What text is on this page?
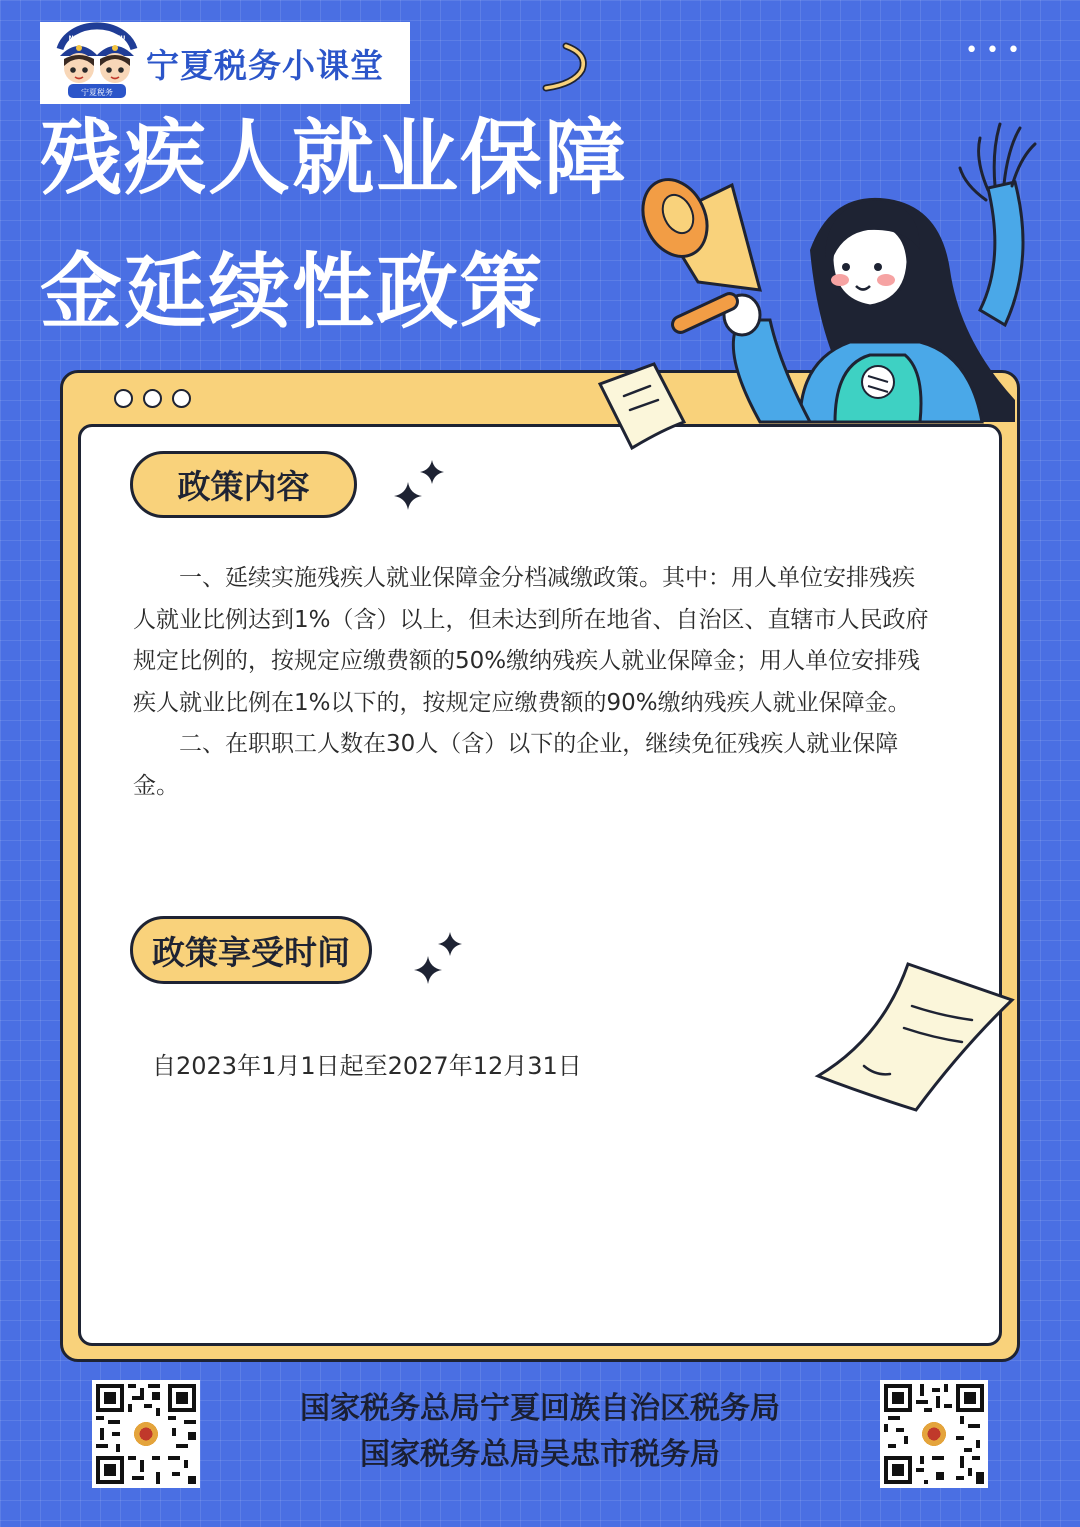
NINGXIASHUIWU
宁夏税务
宁夏税务小课堂
残疾人就业保障
金延续性政策
•••
政策内容

一、延续实施残疾人就业保障金分档减缴政策。其中：用人单位安排残疾人就业比例达到1%（含）以上，但未达到所在地省、自治区、直辖市人民政府规定比例的，按规定应缴费额的50%缴纳残疾人就业保障金；用人单位安排残疾人就业比例在1%以下的，按规定应缴费额的90%缴纳残疾人就业保障金。

二、在职职工人数在30人（含）以下的企业，继续免征残疾人就业保障金。

政策享受时间
自2023年1月1日起至2027年12月31日
国家税务总局宁夏回族自治区税务局
国家税务总局吴忠市税务局
